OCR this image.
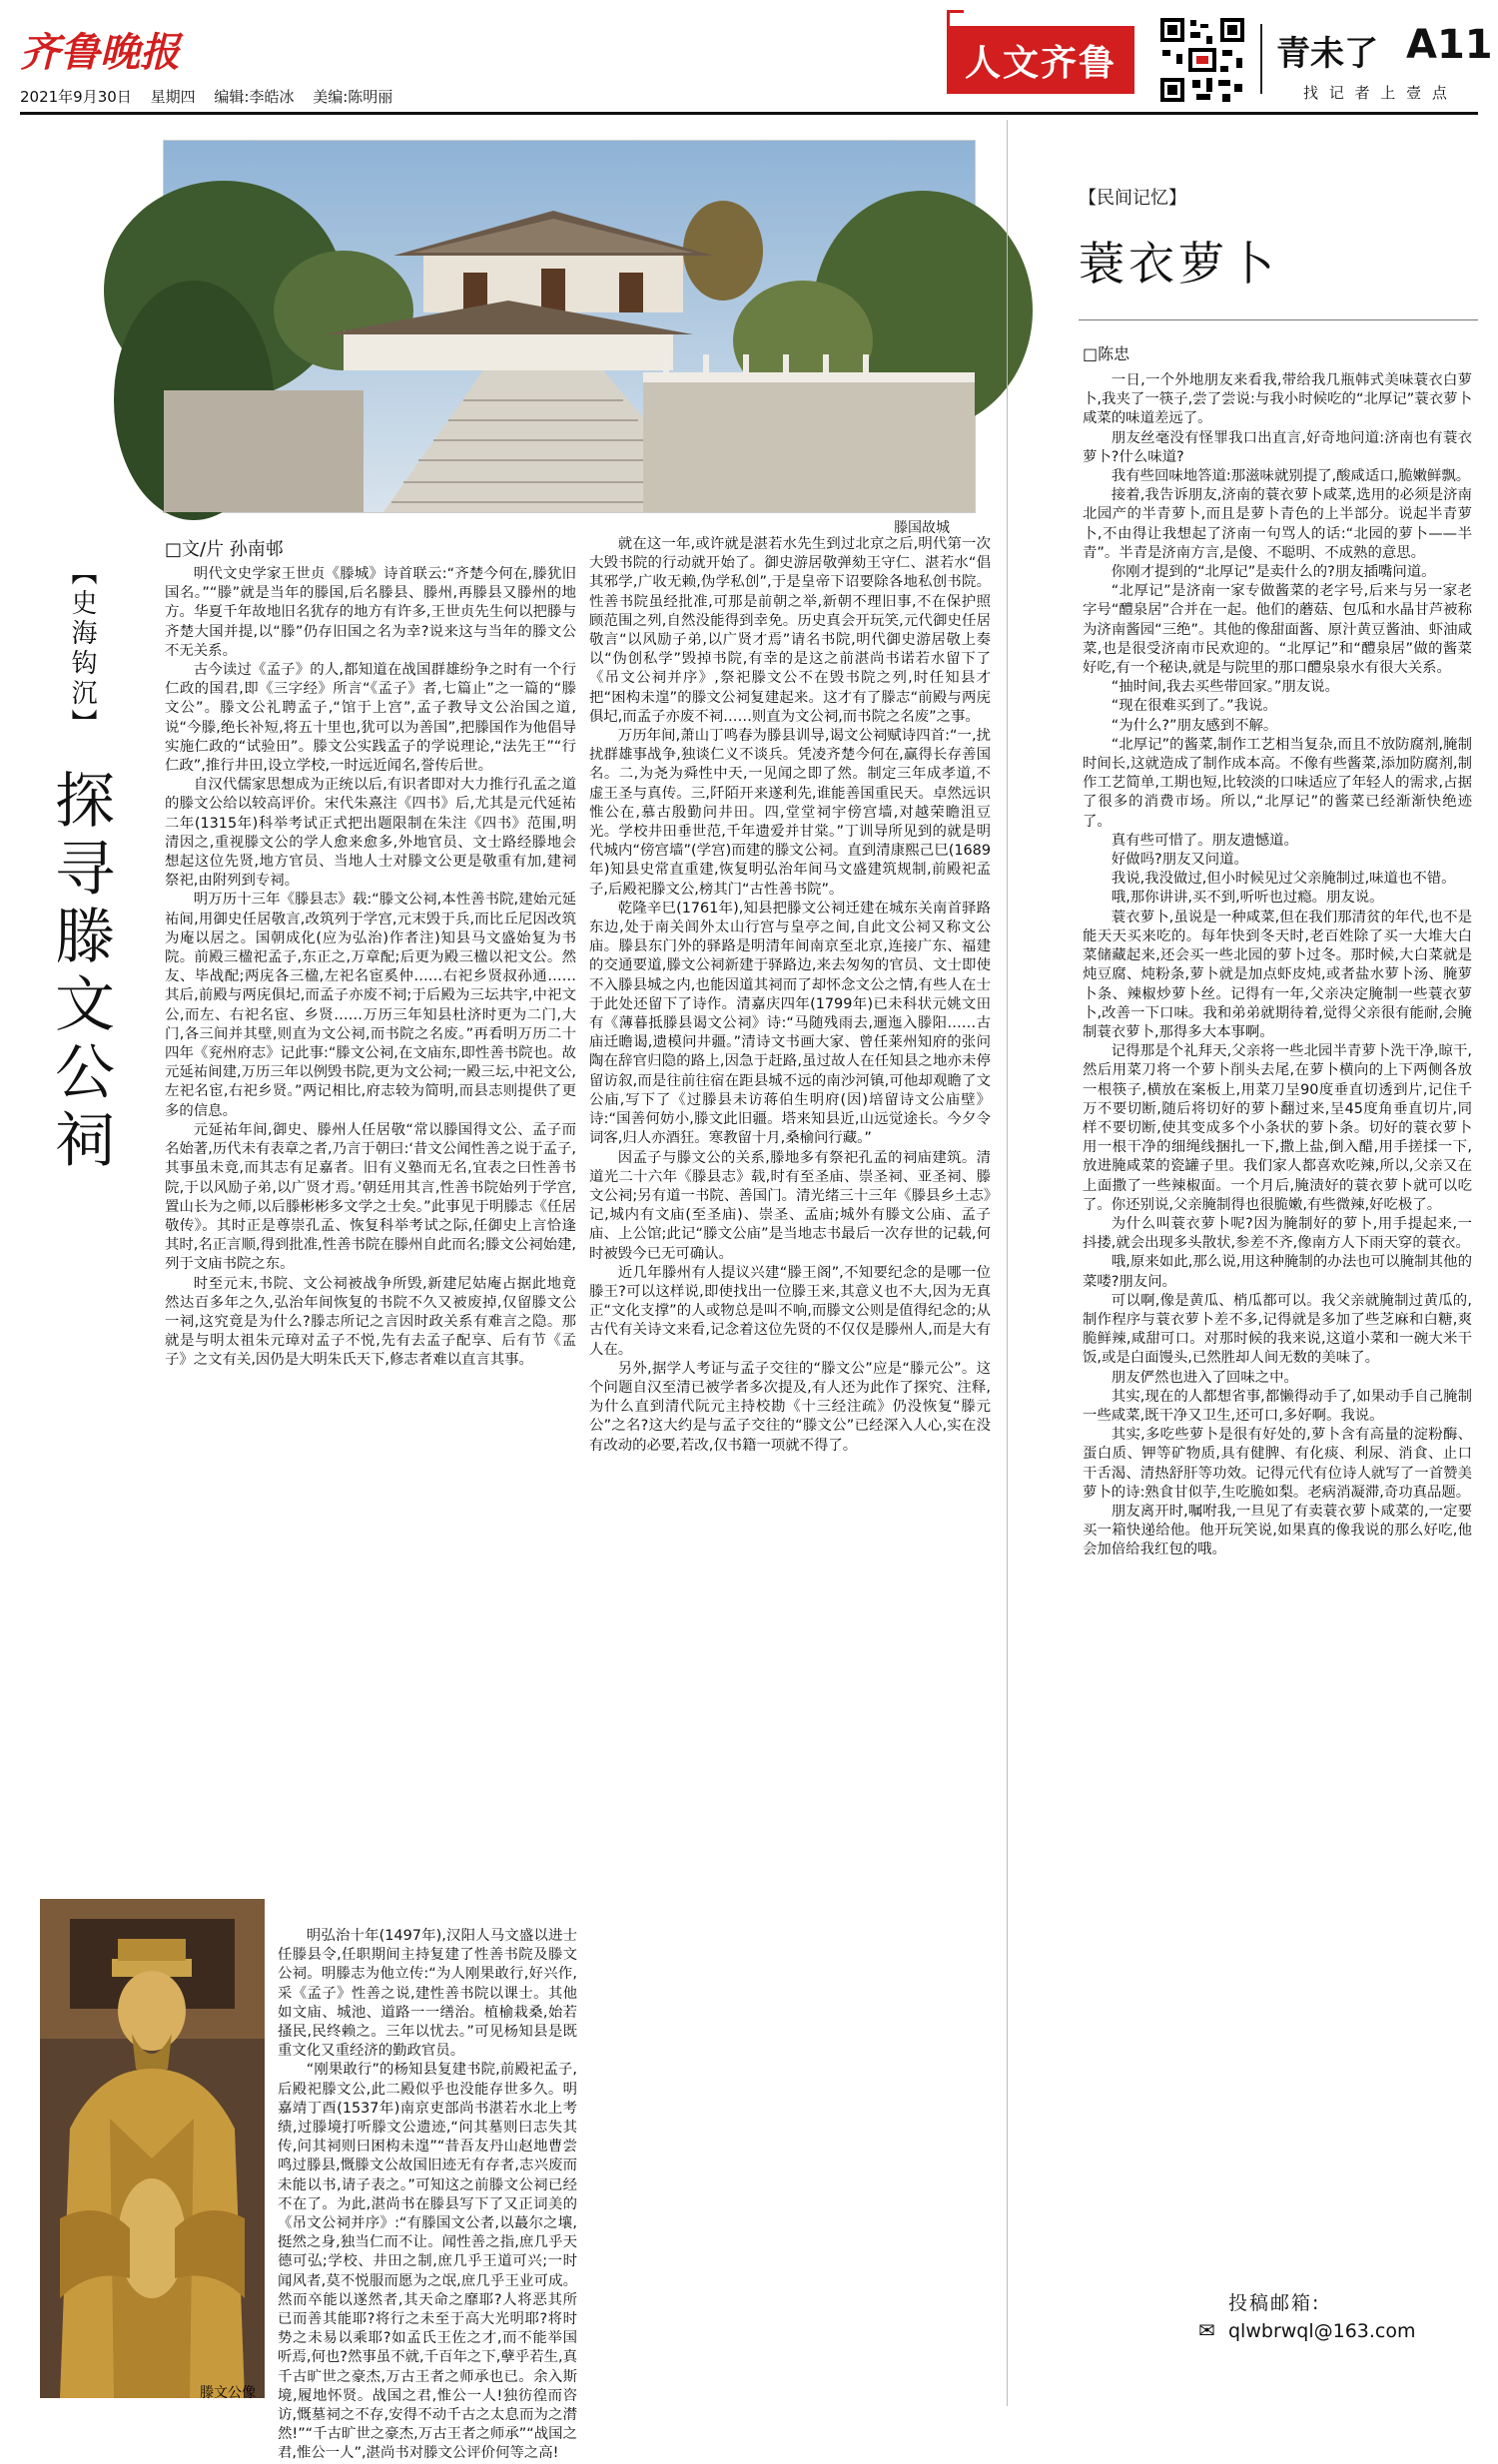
齐鲁晚报
2021年9月30日 星期四 编辑:李皓冰 美编:陈明丽
人文齐鲁	青未了 A11
找 记 者 上 壹 点
滕国故城
【史海钩沉】
探寻滕文公祠
□文/片 孙南邨

明代文史学家王世贞《滕城》诗首联云:“齐楚今何在,滕犹旧国名。”“滕”就是当年的滕国,后名滕县、滕州,再滕县又滕州的地方。华夏千年故地旧名犹存的地方有许多,王世贞先生何以把滕与齐楚大国并提,以“滕”仍存旧国之名为幸?说来这与当年的滕文公不无关系。

古今读过《孟子》的人,都知道在战国群雄纷争之时有一个行仁政的国君,即《三字经》所言“《孟子》者,七篇止”之一篇的“滕文公”。滕文公礼聘孟子,“馆于上宫”,孟子教导文公治国之道,说“今滕,绝长补短,将五十里也,犹可以为善国”,把滕国作为他倡导实施仁政的“试验田”。滕文公实践孟子的学说理论,“法先王”“行仁政”,推行井田,设立学校,一时远近闻名,誉传后世。

自汉代儒家思想成为正统以后,有识者即对大力推行孔孟之道的滕文公给以较高评价。宋代朱熹注《四书》后,尤其是元代延祐二年(1315年)科举考试正式把出题限制在朱注《四书》范围,明清因之,重视滕文公的学人愈来愈多,外地官员、文士路经滕地会想起这位先贤,地方官员、当地人士对滕文公更是敬重有加,建祠祭祀,由附列到专祠。

明万历十三年《滕县志》载:“滕文公祠,本性善书院,建始元延祐间,用御史任居敬言,改筑列于学宫,元末毁于兵,而比丘尼因改筑为庵以居之。国朝成化(应为弘治)作者注)知县马文盛始复为书院。前殿三楹祀孟子,东正之,万章配;后更为殿三楹以祀文公。然友、毕战配;两庑各三楹,左祀名宦奚仲……右祀乡贤叔孙通……其后,前殿与两庑俱圮,而孟子亦废不祠;于后殿为三坛共宇,中祀文公,而左、右祀名宦、乡贤……万历三年知县杜济时更为二门,大门,各三间并其壁,则直为文公祠,而书院之名废。”再看明万历二十四年《兖州府志》记此事:“滕文公祠,在文庙东,即性善书院也。故元延祐间建,万历三年以例毁书院,更为文公祠;一殿三坛,中祀文公,左祀名宦,右祀乡贤。”两记相比,府志较为简明,而县志则提供了更多的信息。

元延祐年间,御史、滕州人任居敬“常以滕国得文公、孟子而名始著,历代未有表章之者,乃言于朝曰:‘昔文公闻性善之说于孟子,其事虽未竟,而其志有足嘉者。旧有义塾而无名,宜表之曰性善书院,于以风励子弟,以广贤才焉。’朝廷用其言,性善书院始列于学宫,置山长为之师,以后滕彬彬多文学之士矣。”此事见于明滕志《任居敬传》。其时正是尊崇孔孟、恢复科举考试之际,任御史上言恰逢其时,名正言顺,得到批准,性善书院在滕州自此而名;滕文公祠始建,列于文庙书院之东。

时至元末,书院、文公祠被战争所毁,新建尼姑庵占据此地竟然达百多年之久,弘治年间恢复的书院不久又被废掉,仅留滕文公一祠,这究竟是为什么?滕志所记之言因时政关系有难言之隐。那就是与明太祖朱元璋对孟子不悦,先有去孟子配享、后有节《孟子》之文有关,因仍是大明朱氏天下,修志者难以直言其事。

明弘治十年(1497年),汉阳人马文盛以进士任滕县令,任职期间主持复建了性善书院及滕文公祠。明滕志为他立传:“为人刚果敢行,好兴作,采《孟子》性善之说,建性善书院以课士。其他如文庙、城池、道路一一缮治。植榆栽桑,始若搔民,民终赖之。三年以忧去。”可见杨知县是既重文化又重经济的勤政官员。

“刚果敢行”的杨知县复建书院,前殿祀孟子,后殿祀滕文公,此二殿似乎也没能存世多久。明嘉靖丁酉(1537年)南京吏部尚书湛若水北上考绩,过滕境打听滕文公遗迹,“问其墓则曰志失其传,问其祠则曰困构未遑”“昔吾友丹山赵地曹尝鸣过滕县,慨滕文公故国旧迹无有存者,志兴废而未能以书,请子表之。”可知这之前滕文公祠已经不在了。为此,湛尚书在滕县写下了又正词美的《吊文公祠并序》:“有滕国文公者,以蕞尔之壤,挺然之身,独当仁而不让。闻性善之指,庶几乎天德可弘;学校、井田之制,庶几乎王道可兴;一时闻风者,莫不悦服而愿为之氓,庶几乎王业可成。然而卒能以遂然者,其天命之靡耶?人将恶其所已而善其能耶?将行之未至于高大光明耶?将时势之未易以乘耶?如孟氏王佐之才,而不能举国听焉,何也?然事虽不就,千百年之下,孽乎若生,真千古旷世之豪杰,万古王者之师承也已。余入斯境,履地怀贤。战国之君,惟公一人!独彷徨而咨访,慨墓祠之不存,安得不动千古之太息而为之潸然!”“千古旷世之豪杰,万古王者之师承”“战国之君,惟公一人”,湛尚书对滕文公评价何等之高!

就在这一年,或许就是湛若水先生到过北京之后,明代第一次大毁书院的行动就开始了。御史游居敬弹劾王守仁、湛若水“倡其邪学,广收无赖,伪学私创”,于是皇帝下诏要除各地私创书院。性善书院虽经批准,可那是前朝之举,新朝不理旧事,不在保护照顾范围之列,自然没能得到幸免。历史真会开玩笑,元代御史任居敬言“以风励子弟,以广贤才焉”请名书院,明代御史游居敬上奏以“伪创私学”毁掉书院,有幸的是这之前湛尚书诺若水留下了《吊文公祠并序》,祭祀滕文公不在毁书院之列,时任知县才把“困构未遑”的滕文公祠复建起来。这才有了滕志“前殿与两庑俱圮,而孟子亦废不祠……则直为文公祠,而书院之名废”之事。

万历年间,萧山丁鸣春为滕县训导,谒文公祠赋诗四首:“一,扰扰群雄事战争,独谈仁义不谈兵。凭凌齐楚今何在,赢得长存善国名。二,为尧为舜性中天,一见闻之即了然。制定三年成孝道,不虚王圣与真传。三,阡陌开来遂利先,谁能善国重民天。卓然远识惟公在,慕古殷勤问井田。四,堂堂祠宇傍宫墙,对越荣瞻沮豆光。学校井田垂世范,千年遗爱并甘棠。”丁训导所见到的就是明代城内“傍宫墙”(学宫)而建的滕文公祠。直到清康熙己巳(1689年)知县史常直重建,恢复明弘治年间马文盛建筑规制,前殿祀孟子,后殿祀滕文公,榜其门“古性善书院”。

乾隆辛巳(1761年),知县把滕文公祠迁建在城东关南首驿路东边,处于南关闾外太山行宫与皇亭之间,自此文公祠又称文公庙。滕县东门外的驿路是明清年间南京至北京,连接广东、福建的交通要道,滕文公祠新建于驿路边,来去匆匆的官员、文士即使不入滕县城之内,也能因道其祠而了却怀念文公之情,有些人在士于此处还留下了诗作。清嘉庆四年(1799年)已未科状元姚文田有《薄暮抵滕县谒文公祠》诗:“马随残雨去,逦迤入滕阳……古庙迁瞻谒,遗模问井疆。”清诗文书画大家、曾任莱州知府的张问陶在辞官归隐的路上,因急于赶路,虽过故人在任知县之地亦未停留访叙,而是往前往宿在距县城不远的南沙河镇,可他却观瞻了文公庙,写下了《过滕县未访蒋伯生明府(因)培留诗文公庙壁》诗:“国善何妨小,滕文此旧疆。塔来知县近,山远觉途长。今夕令词客,归人亦酒狂。寒教留十月,桑榆问行藏。”

因孟子与滕文公的关系,滕地多有祭祀孔孟的祠庙建筑。清道光二十六年《滕县志》载,时有至圣庙、崇圣祠、亚圣祠、滕文公祠;另有道一书院、善国门。清光绪三十三年《滕县乡土志》记,城内有文庙(至圣庙)、崇圣、孟庙;城外有滕文公庙、孟子庙、上公馆;此记“滕文公庙”是当地志书最后一次存世的记载,何时被毁今已无可确认。

近几年滕州有人提议兴建“滕王阁”,不知要纪念的是哪一位滕王?可以这样说,即使找出一位滕王来,其意义也不大,因为无真正“文化支撑”的人或物总是叫不响,而滕文公则是值得纪念的;从古代有关诗文来看,记念着这位先贤的不仅仅是滕州人,而是大有人在。

另外,据学人考证与孟子交往的“滕文公”应是“滕元公”。这个问题自汉至清已被学者多次提及,有人还为此作了探究、注释,为什么直到清代阮元主持校勘《十三经注疏》仍没恢复“滕元公”之名?这大约是与孟子交往的“滕文公”已经深入人心,实在没有改动的必要,若改,仅书籍一项就不得了。

滕文公像
【民间记忆】
蓑衣萝卜
□陈忠

一日,一个外地朋友来看我,带给我几瓶韩式美味蓑衣白萝卜,我夹了一筷子,尝了尝说:与我小时候吃的“北厚记”蓑衣萝卜咸菜的味道差远了。

朋友丝毫没有怪罪我口出直言,好奇地问道:济南也有蓑衣萝卜?什么味道?

我有些回味地答道:那滋味就别提了,酸咸适口,脆嫩鲜飘。

接着,我告诉朋友,济南的蓑衣萝卜咸菜,选用的必须是济南北园产的半青萝卜,而且是萝卜青色的上半部分。说起半青萝卜,不由得让我想起了济南一句骂人的话:“北园的萝卜——半青”。半青是济南方言,是傻、不聪明、不成熟的意思。

你刚才提到的“北厚记”是卖什么的?朋友插嘴问道。

“北厚记”是济南一家专做酱菜的老字号,后来与另一家老字号“醴泉居”合并在一起。他们的蘑菇、包瓜和水晶甘芦被称为济南酱园“三绝”。其他的像甜面酱、原汁黄豆酱油、虾油咸菜,也是很受济南市民欢迎的。“北厚记”和“醴泉居”做的酱菜好吃,有一个秘诀,就是与院里的那口醴泉泉水有很大关系。

“抽时间,我去买些带回家。”朋友说。

“现在很难买到了。”我说。

“为什么?”朋友感到不解。

“北厚记”的酱菜,制作工艺相当复杂,而且不放防腐剂,腌制时间长,这就造成了制作成本高。不像有些酱菜,添加防腐剂,制作工艺简单,工期也短,比较淡的口味适应了年轻人的需求,占据了很多的消费市场。所以,“北厚记”的酱菜已经渐渐快绝迹了。

真有些可惜了。朋友遗憾道。

好做吗?朋友又问道。

我说,我没做过,但小时候见过父亲腌制过,味道也不错。

哦,那你讲讲,买不到,听听也过瘾。朋友说。

蓑衣萝卜,虽说是一种咸菜,但在我们那清贫的年代,也不是能天天买来吃的。每年快到冬天时,老百姓除了买一大堆大白菜储藏起来,还会买一些北园的萝卜过冬。那时候,大白菜就是炖豆腐、炖粉条,萝卜就是加点虾皮炖,或者盐水萝卜汤、腌萝卜条、辣椒炒萝卜丝。记得有一年,父亲决定腌制一些蓑衣萝卜,改善一下口味。我和弟弟就期待着,觉得父亲很有能耐,会腌制蓑衣萝卜,那得多大本事啊。

记得那是个礼拜天,父亲将一些北园半青萝卜洗干净,晾干,然后用菜刀将一个萝卜削头去尾,在萝卜横向的上下两侧各放一根筷子,横放在案板上,用菜刀呈90度垂直切透到片,记住千万不要切断,随后将切好的萝卜翻过来,呈45度角垂直切片,同样不要切断,使其变成多个小条状的萝卜条。切好的蓑衣萝卜用一根干净的细绳线捆扎一下,撒上盐,倒入醋,用手搓揉一下,放进腌咸菜的瓷罐子里。我们家人都喜欢吃辣,所以,父亲又在上面撒了一些辣椒面。一个月后,腌渍好的蓑衣萝卜就可以吃了。你还别说,父亲腌制得也很脆嫩,有些微辣,好吃极了。

为什么叫蓑衣萝卜呢?因为腌制好的萝卜,用手提起来,一抖搂,就会出现多头散状,参差不齐,像南方人下雨天穿的蓑衣。

哦,原来如此,那么说,用这种腌制的办法也可以腌制其他的菜喽?朋友问。

可以啊,像是黄瓜、梢瓜都可以。我父亲就腌制过黄瓜的,制作程序与蓑衣萝卜差不多,记得就是多加了些芝麻和白糖,爽脆鲜辣,咸甜可口。对那时候的我来说,这道小菜和一碗大米干饭,或是白面馒头,已然胜却人间无数的美味了。

朋友俨然也进入了回味之中。

其实,现在的人都想省事,都懒得动手了,如果动手自己腌制一些咸菜,既干净又卫生,还可口,多好啊。我说。

其实,多吃些萝卜是很有好处的,萝卜含有高量的淀粉酶、蛋白质、钾等矿物质,具有健脾、有化痰、利尿、消食、止口干舌渴、清热舒肝等功效。记得元代有位诗人就写了一首赞美萝卜的诗:熟食甘似芋,生吃脆如梨。老病消凝滞,奇功真品题。

朋友离开时,嘱咐我,一旦见了有卖蓑衣萝卜咸菜的,一定要买一箱快递给他。他开玩笑说,如果真的像我说的那么好吃,他会加倍给我红包的哦。

投稿邮箱:
✉ qlwbrwql@163.com
